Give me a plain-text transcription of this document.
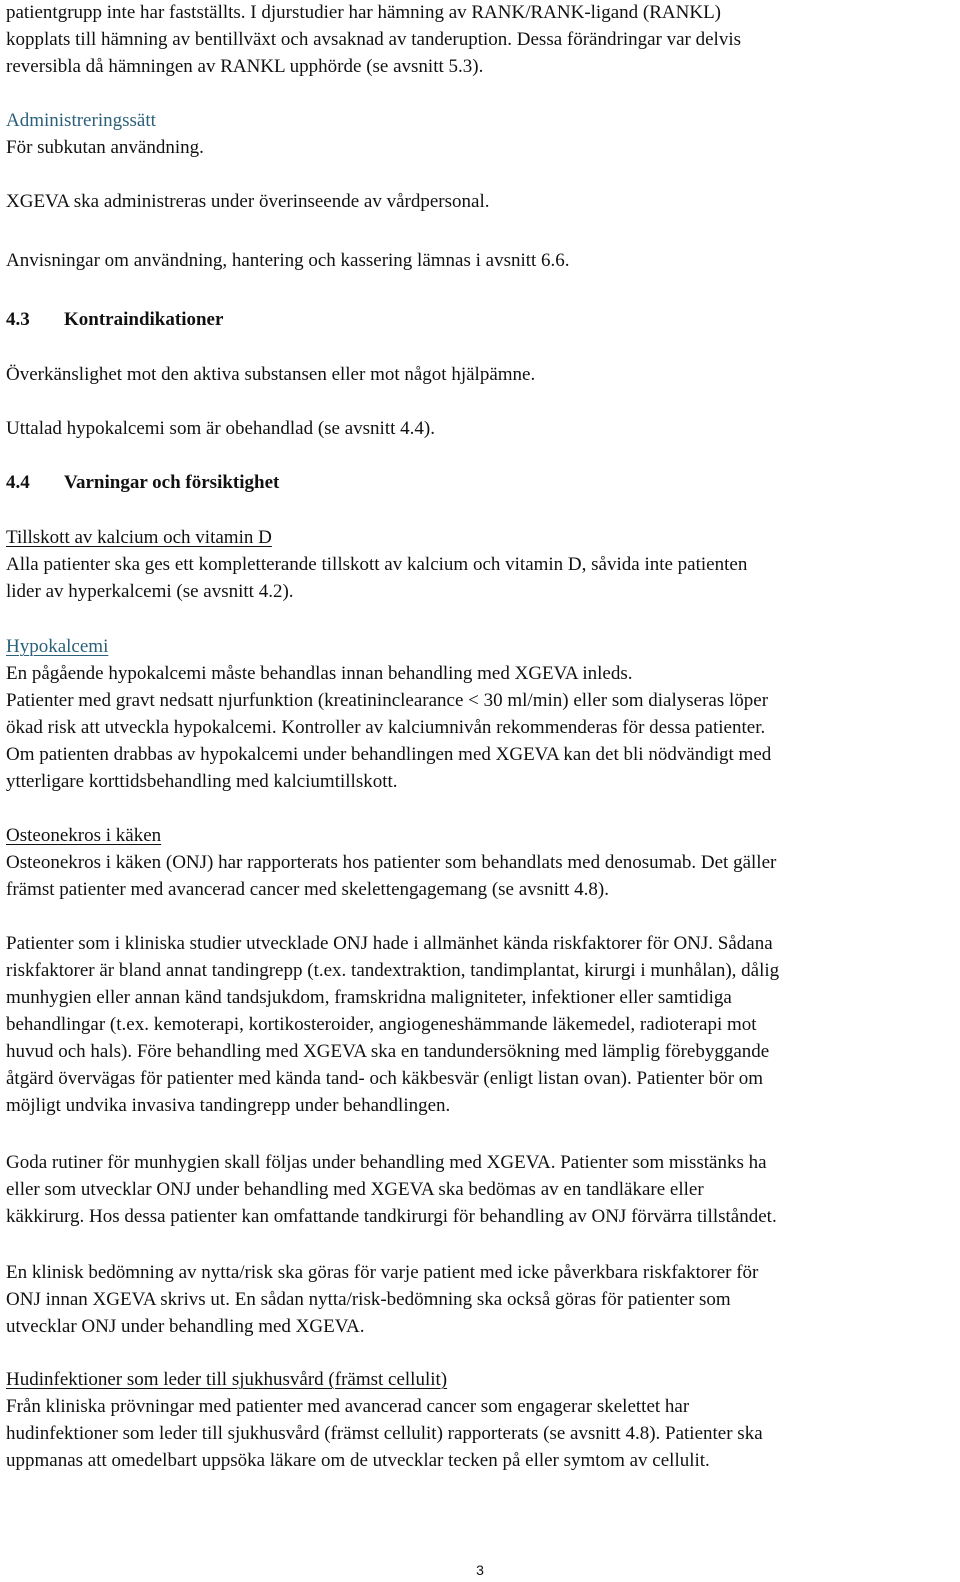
patientgrupp inte har fastställts. I djurstudier har hämning av RANK/RANK-ligand (RANKL)
kopplats till hämning av bentillväxt och avsaknad av tanderuption. Dessa förändringar var delvis
reversibla då hämningen av RANKL upphörde (se avsnitt 5.3).
Administreringssätt
För subkutan användning.
XGEVA ska administreras under överinseende av vårdpersonal.
Anvisningar om användning, hantering och kassering lämnas i avsnitt 6.6.
4.3 Kontraindikationer
Överkänslighet mot den aktiva substansen eller mot något hjälpämne.
Uttalad hypokalcemi som är obehandlad (se avsnitt 4.4).
4.4 Varningar och försiktighet
Tillskott av kalcium och vitamin D
Alla patienter ska ges ett kompletterande tillskott av kalcium och vitamin D, såvida inte patienten
lider av hyperkalcemi (se avsnitt 4.2).
Hypokalcemi
En pågående hypokalcemi måste behandlas innan behandling med XGEVA inleds.
Patienter med gravt nedsatt njurfunktion (kreatininclearance < 30 ml/min) eller som dialyseras löper
ökad risk att utveckla hypokalcemi. Kontroller av kalciumnivån rekommenderas för dessa patienter.
Om patienten drabbas av hypokalcemi under behandlingen med XGEVA kan det bli nödvändigt med
ytterligare korttidsbehandling med kalciumtillskott.
Osteonekros i käken
Osteonekros i käken (ONJ) har rapporterats hos patienter som behandlats med denosumab. Det gäller
främst patienter med avancerad cancer med skelettengagemang (se avsnitt 4.8).
Patienter som i kliniska studier utvecklade ONJ hade i allmänhet kända riskfaktorer för ONJ. Sådana
riskfaktorer är bland annat tandingrepp (t.ex. tandextraktion, tandimplantat, kirurgi i munhålan), dålig
munhygien eller annan känd tandsjukdom, framskridna maligniteter, infektioner eller samtidiga
behandlingar (t.ex. kemoterapi, kortikosteroider, angiogeneshämmande läkemedel, radioterapi mot
huvud och hals). Före behandling med XGEVA ska en tandundersökning med lämplig förebyggande
åtgärd övervägas för patienter med kända tand- och käkbesvär (enligt listan ovan). Patienter bör om
möjligt undvika invasiva tandingrepp under behandlingen.
Goda rutiner för munhygien skall följas under behandling med XGEVA. Patienter som misstänks ha
eller som utvecklar ONJ under behandling med XGEVA ska bedömas av en tandläkare eller
käkkirurg. Hos dessa patienter kan omfattande tandkirurgi för behandling av ONJ förvärra tillståndet.
En klinisk bedömning av nytta/risk ska göras för varje patient med icke påverkbara riskfaktorer för
ONJ innan XGEVA skrivs ut. En sådan nytta/risk-bedömning ska också göras för patienter som
utvecklar ONJ under behandling med XGEVA.
Hudinfektioner som leder till sjukhusvård (främst cellulit)
Från kliniska prövningar med patienter med avancerad cancer som engagerar skelettet har
hudinfektioner som leder till sjukhusvård (främst cellulit) rapporterats (se avsnitt 4.8). Patienter ska
uppmanas att omedelbart uppsöka läkare om de utvecklar tecken på eller symtom av cellulit.
3
